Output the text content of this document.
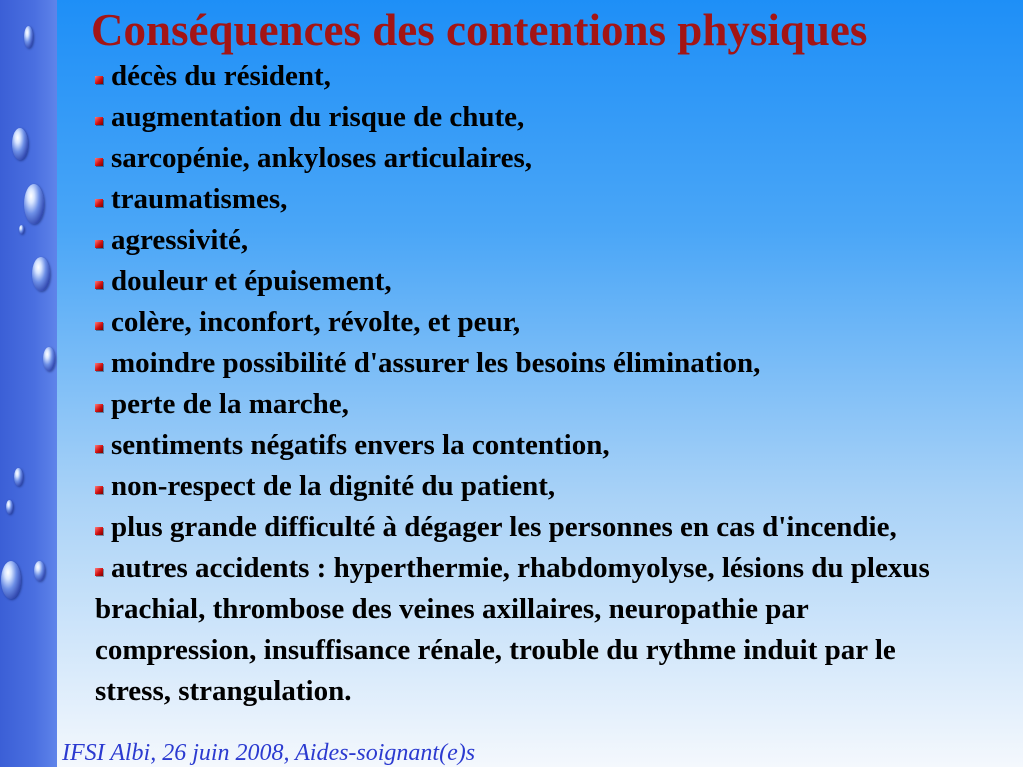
Conséquences des contentions physiques
décès du résident,
augmentation du risque de chute,
sarcopénie, ankyloses articulaires,
traumatismes,
agressivité,
douleur et épuisement,
colère, inconfort, révolte, et peur,
moindre possibilité d'assurer les besoins élimination,
perte de la marche,
sentiments négatifs envers la contention,
non-respect de la dignité du patient,
plus grande difficulté à dégager les personnes en cas d'incendie,
autres accidents : hyperthermie, rhabdomyolyse, lésions du plexus brachial, thrombose des veines axillaires, neuropathie par compression, insuffisance rénale, trouble du rythme induit par le stress, strangulation.
IFSI Albi, 26 juin 2008, Aides-soignant(e)s
